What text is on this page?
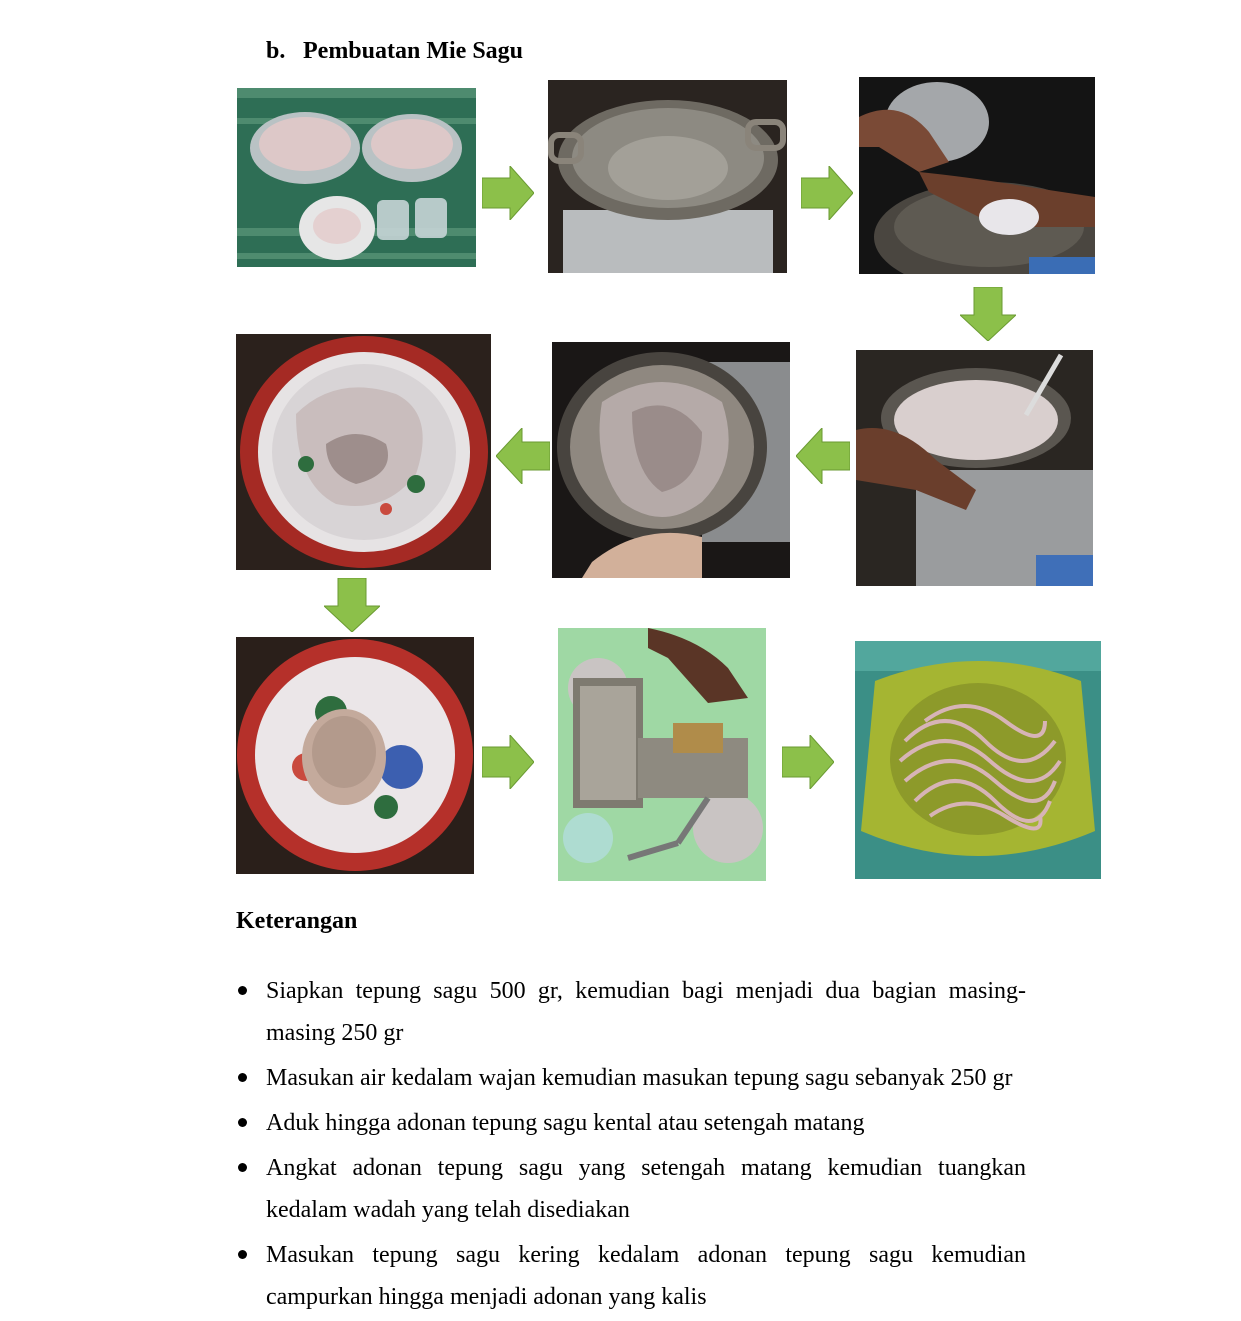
b. Pembuatan Mie Sagu
Keterangan
Siapkan tepung sagu 500 gr, kemudian bagi menjadi dua bagian masing-masing 250 gr
Masukan air kedalam wajan kemudian masukan tepung sagu sebanyak 250 gr
Aduk hingga adonan tepung sagu kental atau setengah matang
Angkat adonan tepung sagu yang setengah matang kemudian tuangkan kedalam wadah yang telah disediakan
Masukan tepung sagu kering kedalam adonan tepung sagu kemudian campurkan hingga menjadi adonan yang kalis
